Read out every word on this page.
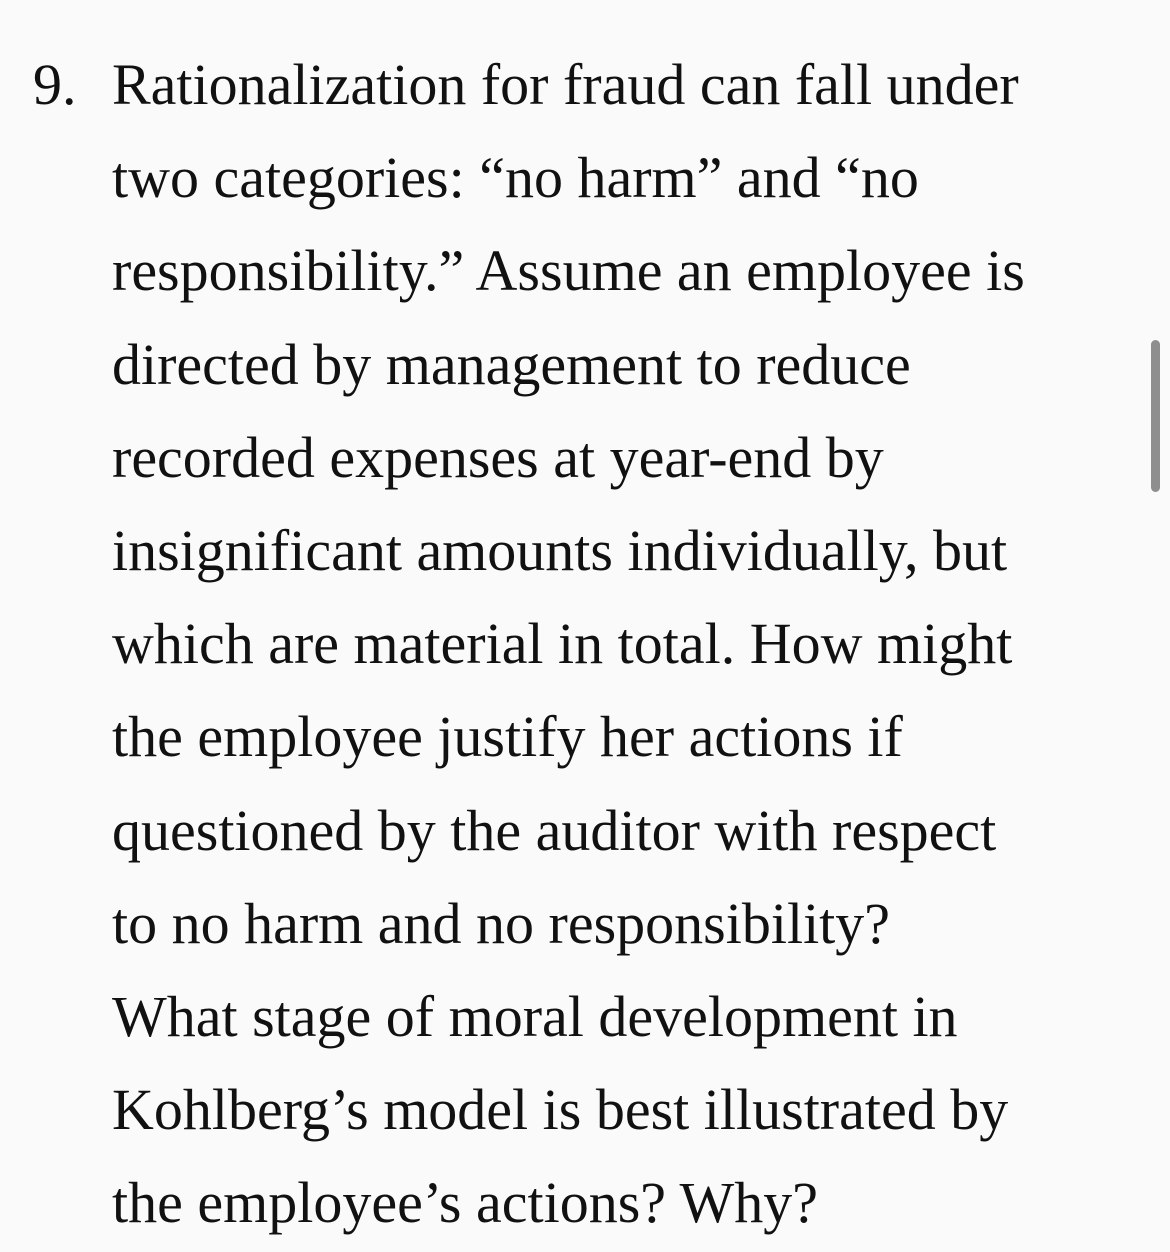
9. Rationalization for fraud can fall under
two categories: “no harm” and “no
responsibility.” Assume an employee is
directed by management to reduce
recorded expenses at year-end by
insignificant amounts individually, but
which are material in total. How might
the employee justify her actions if
questioned by the auditor with respect
to no harm and no responsibility?
What stage of moral development in
Kohlberg’s model is best illustrated by
the employee’s actions? Why?
